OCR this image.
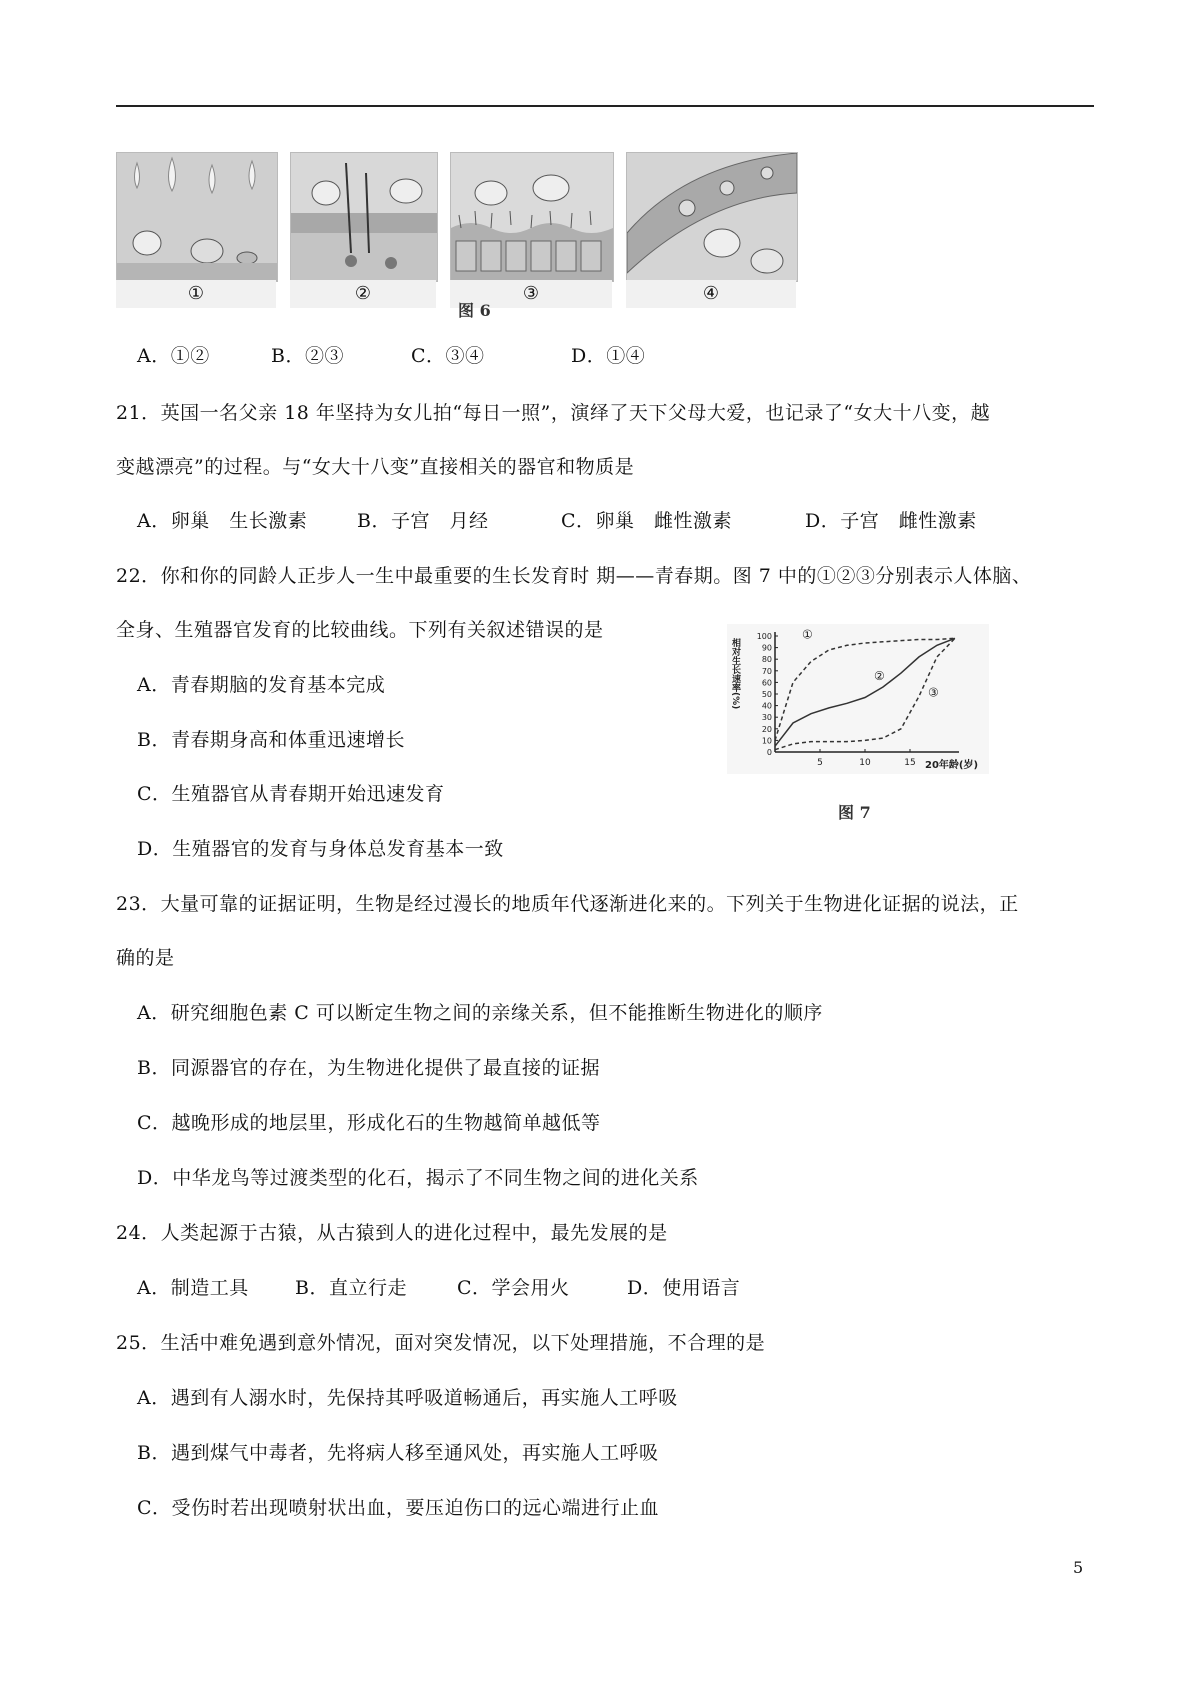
①	②	③	④
图 6
A．①②	B．②③	C．③④	D．①④
21．英国一名父亲 18 年坚持为女儿拍“每日一照”，演绎了天下父母大爱，也记录了“女大十八变，越
变越漂亮”的过程。与“女大十八变”直接相关的器官和物质是
A．卵巢　生长激素	B．子宫　月经	C．卵巢　雌性激素	D．子宫　雌性激素
22．你和你的同龄人正步人一生中最重要的生长发育时 期——青春期。图 7 中的①②③分别表示人体脑、
全身、生殖器官发育的比较曲线。下列有关叙述错误的是
A．青春期脑的发育基本完成
B．青春期身高和体重迅速增长
C．生殖器官从青春期开始迅速发育
D．生殖器官的发育与身体总发育基本一致
相对生长速率(%)
20年龄(岁)
100
90
80
70
60
50
40
30
20
10
0
5	10	15
①
②
③
图 7
23．大量可靠的证据证明，生物是经过漫长的地质年代逐渐进化来的。下列关于生物进化证据的说法，正
确的是
A．研究细胞色素 C 可以断定生物之间的亲缘关系，但不能推断生物进化的顺序
B．同源器官的存在，为生物进化提供了最直接的证据
C．越晚形成的地层里，形成化石的生物越简单越低等
D．中华龙鸟等过渡类型的化石，揭示了不同生物之间的进化关系
24．人类起源于古猿，从古猿到人的进化过程中，最先发展的是
A．制造工具 B．直立行走	C．学会用火	D．使用语言
25．生活中难免遇到意外情况，面对突发情况，以下处理措施，不合理的是
A．遇到有人溺水时，先保持其呼吸道畅通后，再实施人工呼吸
B．遇到煤气中毒者，先将病人移至通风处，再实施人工呼吸
C．受伤时若出现喷射状出血，要压迫伤口的远心端进行止血
5
